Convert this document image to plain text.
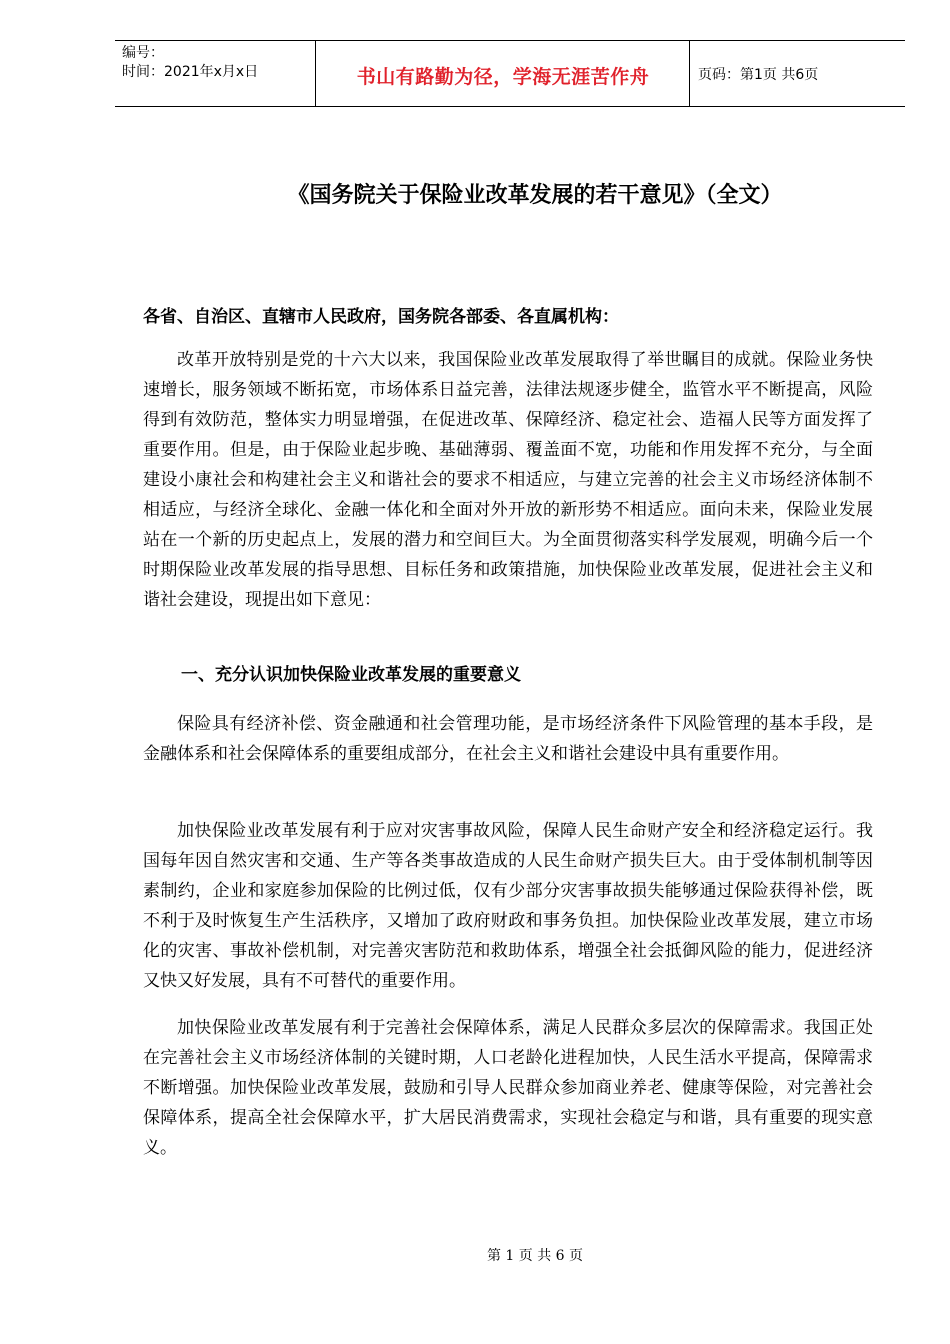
编号：
时间：2021年x月x日	书山有路勤为径，学海无涯苦作舟	页码：第1页 共6页
《国务院关于保险业改革发展的若干意见》（全文）
各省、自治区、直辖市人民政府，国务院各部委、各直属机构：

改革开放特别是党的十六大以来，我国保险业改革发展取得了举世瞩目的成就。保险业务快速增长，服务领域不断拓宽，市场体系日益完善，法律法规逐步健全，监管水平不断提高，风险得到有效防范，整体实力明显增强，在促进改革、保障经济、稳定社会、造福人民等方面发挥了重要作用。但是，由于保险业起步晚、基础薄弱、覆盖面不宽，功能和作用发挥不充分，与全面建设小康社会和构建社会主义和谐社会的要求不相适应，与建立完善的社会主义市场经济体制不相适应，与经济全球化、金融一体化和全面对外开放的新形势不相适应。面向未来，保险业发展站在一个新的历史起点上，发展的潜力和空间巨大。为全面贯彻落实科学发展观，明确今后一个时期保险业改革发展的指导思想、目标任务和政策措施，加快保险业改革发展，促进社会主义和谐社会建设，现提出如下意见：

一、充分认识加快保险业改革发展的重要意义

保险具有经济补偿、资金融通和社会管理功能，是市场经济条件下风险管理的基本手段，是金融体系和社会保障体系的重要组成部分，在社会主义和谐社会建设中具有重要作用。

加快保险业改革发展有利于应对灾害事故风险，保障人民生命财产安全和经济稳定运行。我国每年因自然灾害和交通、生产等各类事故造成的人民生命财产损失巨大。由于受体制机制等因素制约，企业和家庭参加保险的比例过低，仅有少部分灾害事故损失能够通过保险获得补偿，既不利于及时恢复生产生活秩序，又增加了政府财政和事务负担。加快保险业改革发展，建立市场化的灾害、事故补偿机制，对完善灾害防范和救助体系，增强全社会抵御风险的能力，促进经济又快又好发展，具有不可替代的重要作用。

加快保险业改革发展有利于完善社会保障体系，满足人民群众多层次的保障需求。我国正处在完善社会主义市场经济体制的关键时期，人口老龄化进程加快，人民生活水平提高，保障需求不断增强。加快保险业改革发展，鼓励和引导人民群众参加商业养老、健康等保险，对完善社会保障体系，提高全社会保障水平，扩大居民消费需求，实现社会稳定与和谐，具有重要的现实意义。

第 1 页 共 6 页
